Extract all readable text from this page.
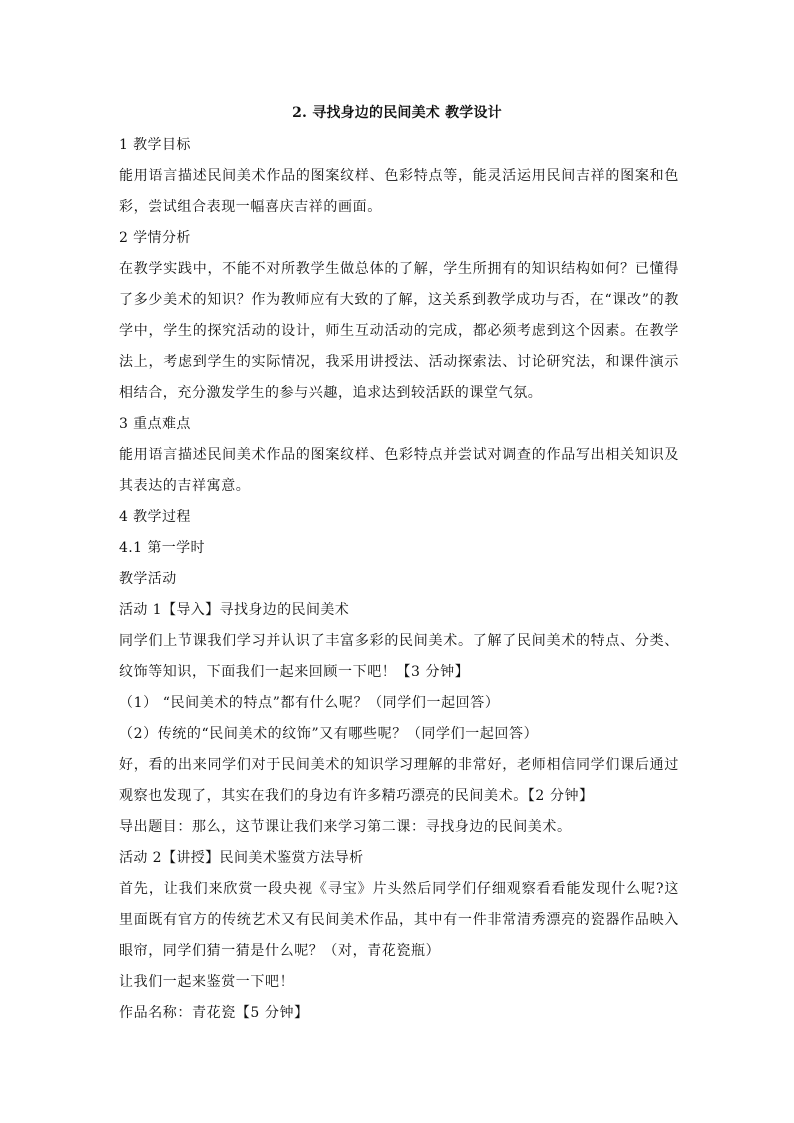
2. 寻找身边的民间美术 教学设计

1 教学目标

能用语言描述民间美术作品的图案纹样、色彩特点等，能灵活运用民间吉祥的图案和色彩，尝试组合表现一幅喜庆吉祥的画面。

2 学情分析

在教学实践中，不能不对所教学生做总体的了解，学生所拥有的知识结构如何？已懂得了多少美术的知识？作为教师应有大致的了解，这关系到教学成功与否，在“课改”的教学中，学生的探究活动的设计，师生互动活动的完成，都必须考虑到这个因素。在教学法上，考虑到学生的实际情况，我采用讲授法、活动探索法、讨论研究法，和课件演示相结合，充分激发学生的参与兴趣，追求达到较活跃的课堂气氛。

3 重点难点

能用语言描述民间美术作品的图案纹样、色彩特点并尝试对调查的作品写出相关知识及其表达的吉祥寓意。

4 教学过程

4.1 第一学时

教学活动

活动 1【导入】寻找身边的民间美术

同学们上节课我们学习并认识了丰富多彩的民间美术。了解了民间美术的特点、分类、纹饰等知识，下面我们一起来回顾一下吧！【3 分钟】

（1） “民间美术的特点”都有什么呢？（同学们一起回答）

（2）传统的“民间美术的纹饰”又有哪些呢？（同学们一起回答）

好，看的出来同学们对于民间美术的知识学习理解的非常好，老师相信同学们课后通过观察也发现了，其实在我们的身边有许多精巧漂亮的民间美术。【2 分钟】

导出题目：那么，这节课让我们来学习第二课：寻找身边的民间美术。

活动 2【讲授】民间美术鉴赏方法导析

首先，让我们来欣赏一段央视《寻宝》片头然后同学们仔细观察看看能发现什么呢?这里面既有官方的传统艺术又有民间美术作品，其中有一件非常清秀漂亮的瓷器作品映入眼帘，同学们猜一猜是什么呢？（对，青花瓷瓶）

让我们一起来鉴赏一下吧！

作品名称：青花瓷【5 分钟】
